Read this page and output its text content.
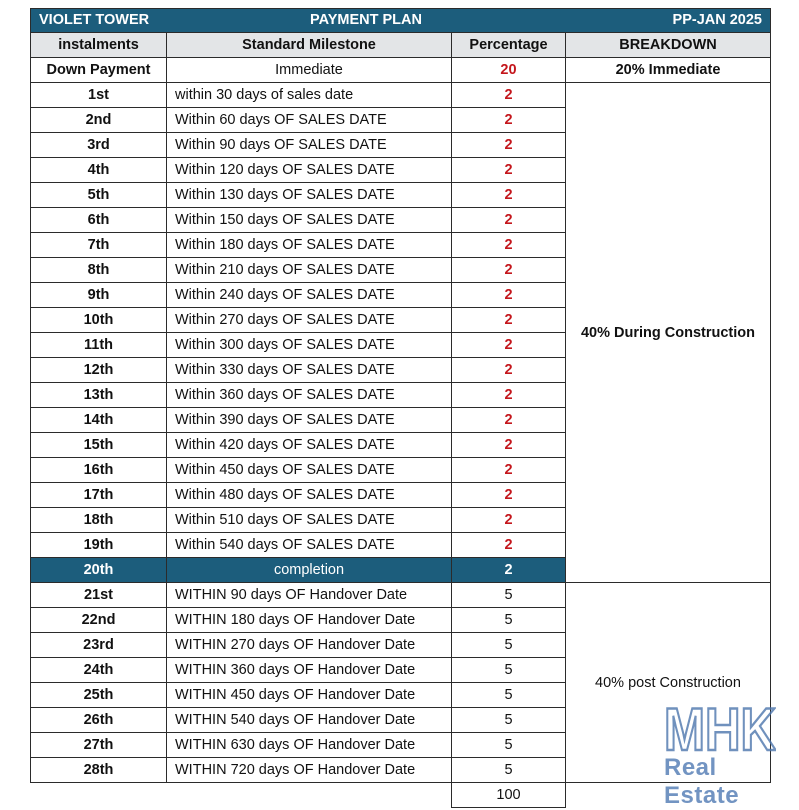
VIOLET TOWER	PAYMENT PLAN		PP-JAN 2025
instalments	Standard Milestone	Percentage	BREAKDOWN
Down Payment	Immediate	20	20% Immediate
1st	within 30 days of sales date	2	40% During Construction
2nd	Within 60 days OF SALES DATE	2	
3rd	Within 90 days OF SALES DATE	2	
4th	Within 120 days OF SALES DATE	2	
5th	Within 130 days OF SALES DATE	2	
6th	Within 150 days OF SALES DATE	2	
7th	Within 180 days OF SALES DATE	2	
8th	Within 210 days OF SALES DATE	2	
9th	Within 240 days OF SALES DATE	2	
10th	Within 270 days OF SALES DATE	2	
11th	Within 300 days OF SALES DATE	2	
12th	Within 330 days OF SALES DATE	2	
13th	Within 360 days OF SALES DATE	2	
14th	Within 390 days OF SALES DATE	2	
15th	Within 420 days OF SALES DATE	2	
16th	Within 450 days OF SALES DATE	2	
17th	Within 480 days OF SALES DATE	2	
18th	Within 510 days OF SALES DATE	2	
19th	Within 540 days OF SALES DATE	2	
20th	completion	2	
21st	WITHIN 90 days OF Handover Date	5	40% post Construction
22nd	WITHIN 180 days OF Handover Date	5	
23rd	WITHIN 270 days OF Handover Date	5	
24th	WITHIN 360 days OF Handover Date	5	
25th	WITHIN 450 days OF Handover Date	5	
26th	WITHIN 540 days OF Handover Date	5	
27th	WITHIN 630 days OF Handover Date	5	
28th	WITHIN 720 days OF Handover Date	5	
		100	
MHK
Real Estate
